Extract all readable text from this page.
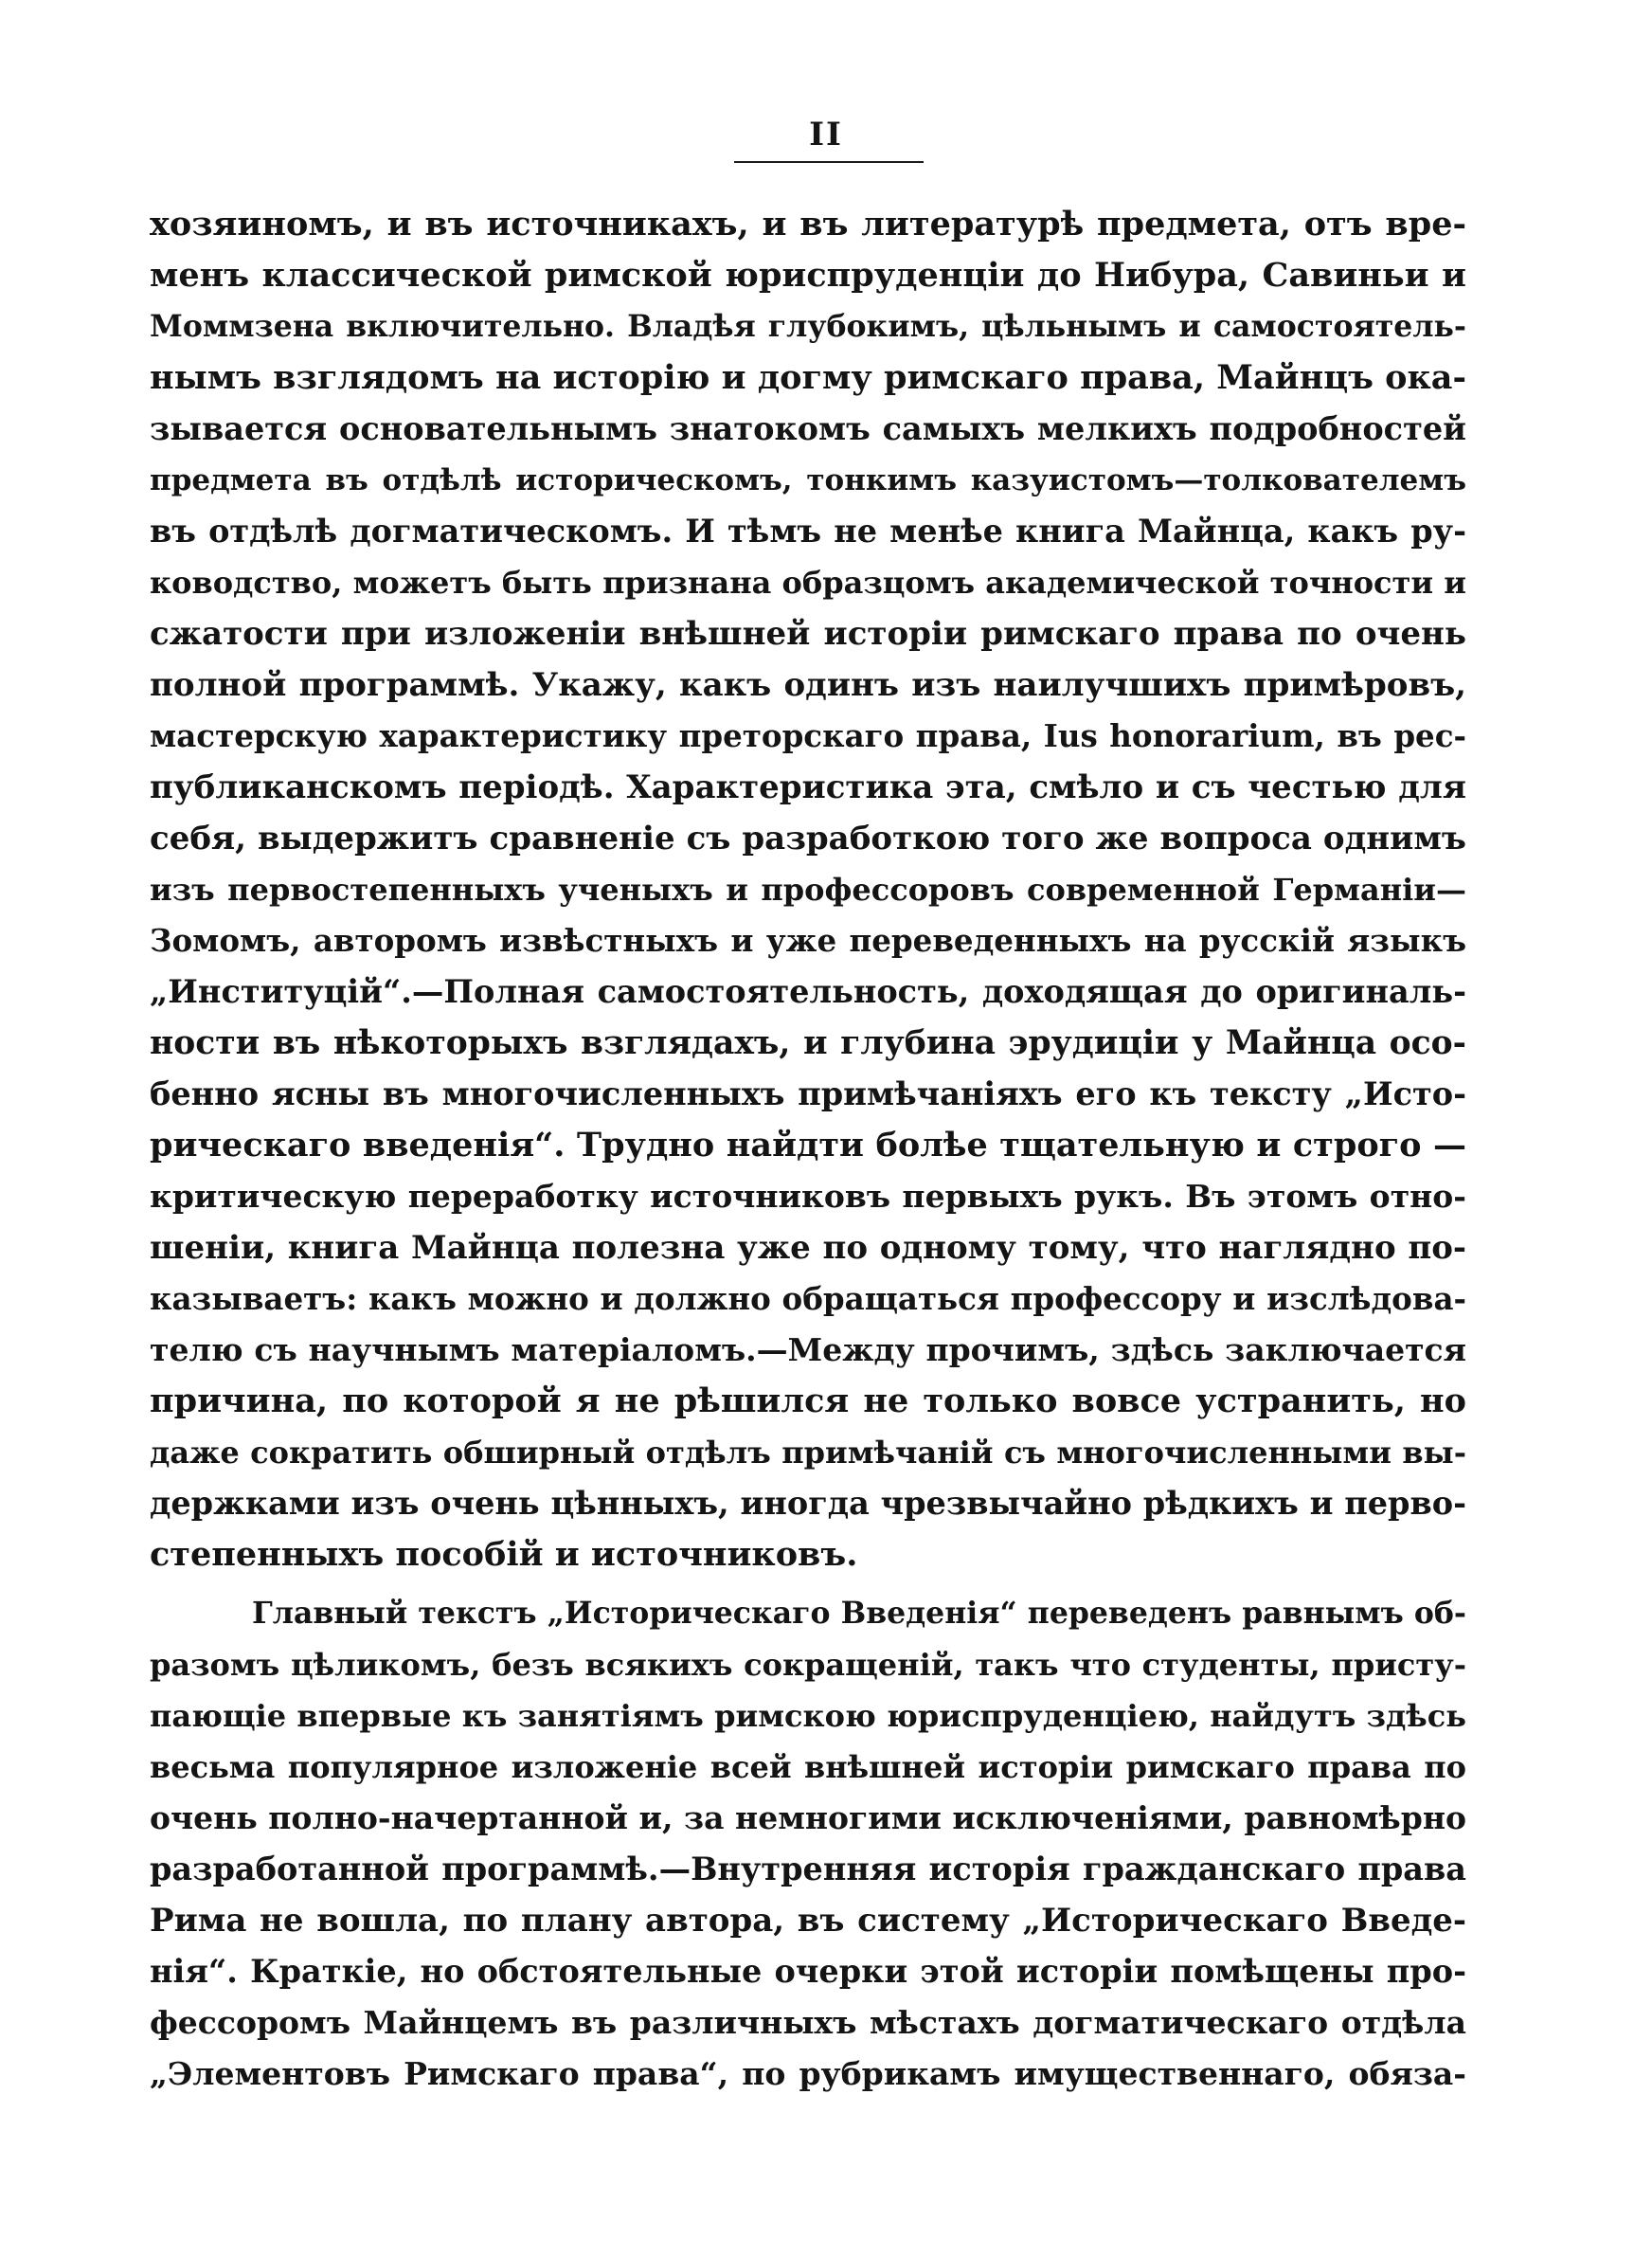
II
хозяиномъ, и въ источникахъ, и въ литературѣ предмета, отъ вре-
менъ классической римской юриспруденціи до Нибура, Савиньи и
Моммзена включительно. Владѣя глубокимъ, цѣльнымъ и самостоятель-
нымъ взглядомъ на исторію и догму римскаго права, Майнцъ ока-
зывается основательнымъ знатокомъ самыхъ мелкихъ подробностей
предмета въ отдѣлѣ историческомъ, тонкимъ казуистомъ—толкователемъ
въ отдѣлѣ догматическомъ. И тѣмъ не менѣе книга Майнца, какъ ру-
ководство, можетъ быть признана образцомъ академической точности и
сжатости при изложеніи внѣшней исторіи римскаго права по очень
полной программѣ. Укажу, какъ одинъ изъ наилучшихъ примѣровъ,
мастерскую характеристику преторскаго права, Ius honorarium, въ рес-
публиканскомъ періодѣ. Характеристика эта, смѣло и съ честью для
себя, выдержитъ сравненіе съ разработкою того же вопроса однимъ
изъ первостепенныхъ ученыхъ и профессоровъ современной Германіи—
Зомомъ, авторомъ извѣстныхъ и уже переведенныхъ на русскій языкъ
„Институцій“.—Полная самостоятельность, доходящая до оригиналь-
ности въ нѣкоторыхъ взглядахъ, и глубина эрудиціи у Майнца осо-
бенно ясны въ многочисленныхъ примѣчаніяхъ его къ тексту „Исто-
рическаго введенія“. Трудно найдти болѣе тщательную и строго —
критическую переработку источниковъ первыхъ рукъ. Въ этомъ отно-
шеніи, книга Майнца полезна уже по одному тому, что наглядно по-
казываетъ: какъ можно и должно обращаться профессору и изслѣдова-
телю съ научнымъ матеріаломъ.—Между прочимъ, здѣсь заключается
причина, по которой я не рѣшился не только вовсе устранить, но
даже сократить обширный отдѣлъ примѣчаній съ многочисленными вы-
держками изъ очень цѣнныхъ, иногда чрезвычайно рѣдкихъ и перво-
степенныхъ пособій и источниковъ.
Главный текстъ „Историческаго Введенія“ переведенъ равнымъ об-
разомъ цѣликомъ, безъ всякихъ сокращеній, такъ что студенты, присту-
пающіе впервые къ занятіямъ римскою юриспруденціею, найдутъ здѣсь
весьма популярное изложеніе всей внѣшней исторіи римскаго права по
очень полно-начертанной и, за немногими исключеніями, равномѣрно
разработанной программѣ.—Внутренняя исторія гражданскаго права
Рима не вошла, по плану автора, въ систему „Историческаго Введе-
нія“. Краткіе, но обстоятельные очерки этой исторіи помѣщены про-
фессоромъ Майнцемъ въ различныхъ мѣстахъ догматическаго отдѣла
„Элементовъ Римскаго права“, по рубрикамъ имущественнаго, обяза-
